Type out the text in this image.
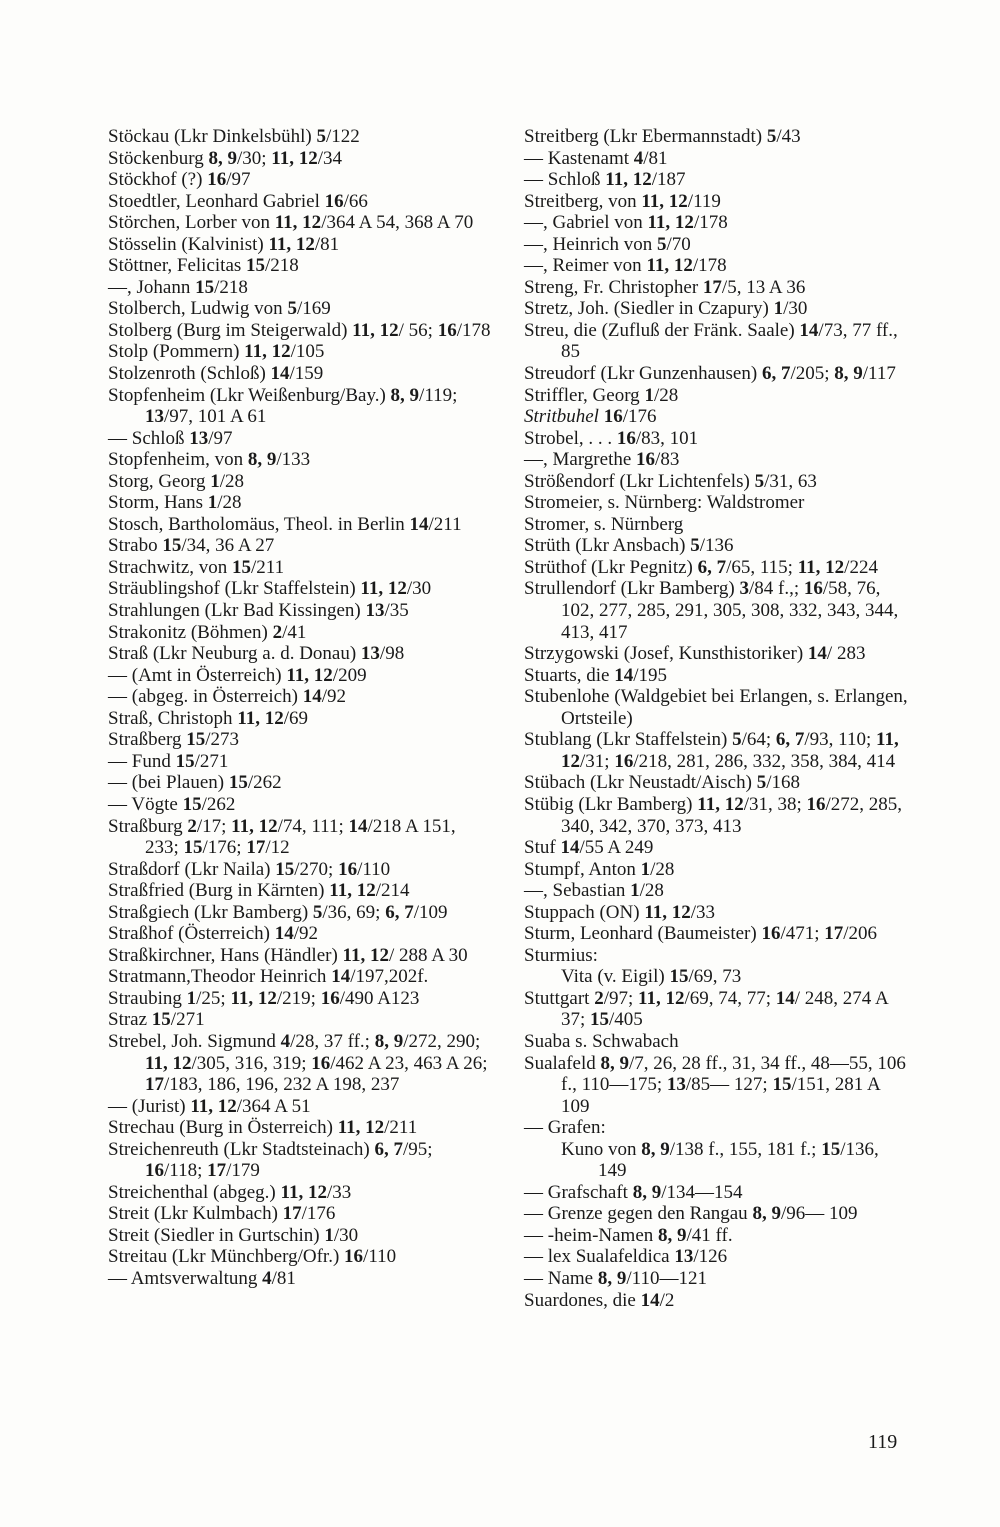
Stöckau (Lkr Dinkelsbühl) 5/122
Stöckenburg 8, 9/30; 11, 12/34
Stöckhof (?) 16/97
Stoedtler, Leonhard Gabriel 16/66
Störchen, Lorber von 11, 12/364 A 54, 368 A 70
Stösselin (Kalvinist) 11, 12/81
Stöttner, Felicitas 15/218
—, Johann 15/218
Stolberch, Ludwig von 5/169
Stolberg (Burg im Steigerwald) 11, 12/ 56; 16/178
Stolp (Pommern) 11, 12/105
Stolzenroth (Schloß) 14/159
Stopfenheim (Lkr Weißenburg/Bay.) 8, 9/119; 13/97, 101 A 61
— Schloß 13/97
Stopfenheim, von 8, 9/133
Storg, Georg 1/28
Storm, Hans 1/28
Stosch, Bartholomäus, Theol. in Berlin 14/211
Strabo 15/34, 36 A 27
Strachwitz, von 15/211
Sträublingshof (Lkr Staffelstein) 11, 12/30
Strahlungen (Lkr Bad Kissingen) 13/35
Strakonitz (Böhmen) 2/41
Straß (Lkr Neuburg a. d. Donau) 13/98
— (Amt in Österreich) 11, 12/209
— (abgeg. in Österreich) 14/92
Straß, Christoph 11, 12/69
Straßberg 15/273
— Fund 15/271
— (bei Plauen) 15/262
— Vögte 15/262
Straßburg 2/17; 11, 12/74, 111; 14/218 A 151, 233; 15/176; 17/12
Straßdorf (Lkr Naila) 15/270; 16/110
Straßfried (Burg in Kärnten) 11, 12/214
Straßgiech (Lkr Bamberg) 5/36, 69; 6, 7/109
Straßhof (Österreich) 14/92
Straßkirchner, Hans (Händler) 11, 12/ 288 A 30
Stratmann,Theodor Heinrich 14/197,202f.
Straubing 1/25; 11, 12/219; 16/490 A123
Straz 15/271
Strebel, Joh. Sigmund 4/28, 37 ff.; 8, 9/272, 290; 11, 12/305, 316, 319; 16/462 A 23, 463 A 26; 17/183, 186, 196, 232 A 198, 237
— (Jurist) 11, 12/364 A 51
Strechau (Burg in Österreich) 11, 12/211
Streichenreuth (Lkr Stadtsteinach) 6, 7/95; 16/118; 17/179
Streichenthal (abgeg.) 11, 12/33
Streit (Lkr Kulmbach) 17/176
Streit (Siedler in Gurtschin) 1/30
Streitau (Lkr Münchberg/Ofr.) 16/110
— Amtsverwaltung 4/81
Streitberg (Lkr Ebermannstadt) 5/43
— Kastenamt 4/81
— Schloß 11, 12/187
Streitberg, von 11, 12/119
—, Gabriel von 11, 12/178
—, Heinrich von 5/70
—, Reimer von 11, 12/178
Streng, Fr. Christopher 17/5, 13 A 36
Stretz, Joh. (Siedler in Czapury) 1/30
Streu, die (Zufluß der Fränk. Saale) 14/73, 77 ff., 85
Streudorf (Lkr Gunzenhausen) 6, 7/205; 8, 9/117
Striffler, Georg 1/28
Stritbuhel 16/176
Strobel, . . . 16/83, 101
—, Margrethe 16/83
Strößendorf (Lkr Lichtenfels) 5/31, 63
Stromeier, s. Nürnberg: Waldstromer
Stromer, s. Nürnberg
Strüth (Lkr Ansbach) 5/136
Strüthof (Lkr Pegnitz) 6, 7/65, 115; 11, 12/224
Strullendorf (Lkr Bamberg) 3/84 f.,; 16/58, 76, 102, 277, 285, 291, 305, 308, 332, 343, 344, 413, 417
Strzygowski (Josef, Kunsthistoriker) 14/ 283
Stuarts, die 14/195
Stubenlohe (Waldgebiet bei Erlangen, s. Erlangen, Ortsteile)
Stublang (Lkr Staffelstein) 5/64; 6, 7/93, 110; 11, 12/31; 16/218, 281, 286, 332, 358, 384, 414
Stübach (Lkr Neustadt/Aisch) 5/168
Stübig (Lkr Bamberg) 11, 12/31, 38; 16/272, 285, 340, 342, 370, 373, 413
Stuf 14/55 A 249
Stumpf, Anton 1/28
—, Sebastian 1/28
Stuppach (ON) 11, 12/33
Sturm, Leonhard (Baumeister) 16/471; 17/206
Sturmius:
Vita (v. Eigil) 15/69, 73
Stuttgart 2/97; 11, 12/69, 74, 77; 14/ 248, 274 A 37; 15/405
Suaba s. Schwabach
Sualafeld 8, 9/7, 26, 28 ff., 31, 34 ff., 48—55, 106 f., 110—175; 13/85— 127; 15/151, 281 A 109
— Grafen:
Kuno von 8, 9/138 f., 155, 181 f.; 15/136, 149
— Grafschaft 8, 9/134—154
— Grenze gegen den Rangau 8, 9/96— 109
— -heim-Namen 8, 9/41 ff.
— lex Sualafeldica 13/126
— Name 8, 9/110—121
Suardones, die 14/2
119
